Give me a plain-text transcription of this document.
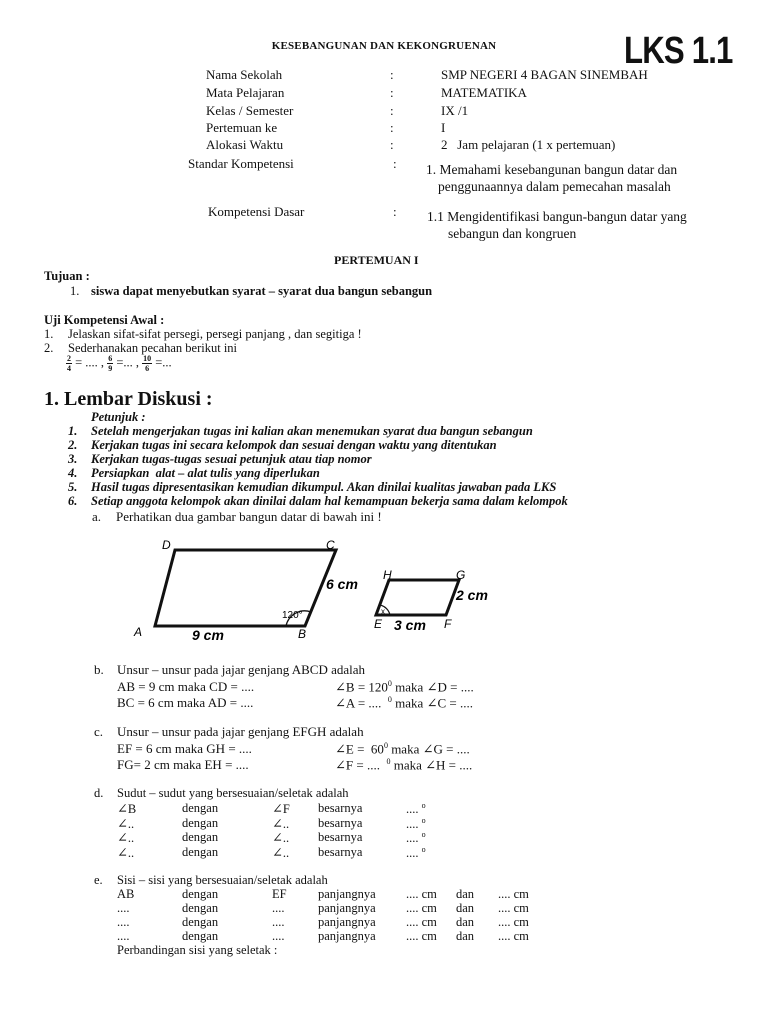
KESEBANGUNAN DAN KEKONGRUENAN	LKS 1.1
Nama Sekolah	:	SMP NEGERI 4 BAGAN SINEMBAH
Mata Pelajaran	:	MATEMATIKA
Kelas / Semester	:	IX /1
Pertemuan ke	:	I
Alokasi Waktu	:	2   Jam pelajaran (1 x pertemuan)
Standar Kompetensi	: 1. Memahami kesebangunan bangun datar dan
penggunaannya dalam pemecahan masalah
Kompetensi Dasar	: 1.1 Mengidentifikasi bangun-bangun datar yang
sebangun dan kongruen
PERTEMUAN I
Tujuan :
1. siswa dapat menyebutkan syarat – syarat dua bangun sebangun
Uji Kompetensi Awal :
1. Jelaskan sifat-sifat persegi, persegi panjang , dan segitiga !
2. Sederhanakan pecahan berikut ini
$\frac{2}{4}$ = .... , $\frac{6}{9}$ =... , $\frac{10}{6}$ =...
1. Lembar Diskusi :
Petunjuk :
1. Setelah mengerjakan tugas ini kalian akan menemukan syarat dua bangun sebangun
2. Kerjakan tugas ini secara kelompok dan sesuai dengan waktu yang ditentukan
3. Kerjakan tugas-tugas sesuai petunjuk atau tiap nomor
4. Persiapkan  alat – alat tulis yang diperlukan
5. Hasil tugas dipresentasikan kemudian dikumpul. Akan dinilai kualitas jawaban pada LKS
6. Setiap anggota kelompok akan dinilai dalam hal kemampuan bekerja sama dalam kelompok
a. Perhatikan dua gambar bangun datar di bawah ini !
A	B
C
D
9 cm
6 cm
120°	x
E	F
G
H
3 cm
2 cm
b. Unsur – unsur pada jajar genjang ABCD adalah
AB = 9 cm maka CD = ....	∠B = $120^0$ maka ∠D = ....
BC = 6 cm maka AD = ....	∠A = ....  $^0$ maka ∠C = ....
c. Unsur – unsur pada jajar genjang EFGH adalah
EF = 6 cm maka GH = ....	∠E =  $60^0$ maka ∠G = ....
FG= 2 cm maka EH = ....	∠F = ....  $^0$ maka ∠H = ....
d. Sudut – sudut yang bersesuaian/seletak adalah
∠B	dengan	∠F besarnya	.... $^o$
∠..	dengan	∠.. besarnya	.... $^o$
∠..	dengan	∠.. besarnya	.... $^o$
∠..	dengan	∠.. besarnya	.... $^o$
e. Sisi – sisi yang bersesuaian/seletak adalah
AB	dengan	EF	panjangnya .... cm dan .... cm
....	dengan	....	panjangnya .... cm dan .... cm
....	dengan	....	panjangnya .... cm dan .... cm
....	dengan	....	panjangnya .... cm dan .... cm
Perbandingan sisi yang seletak :
